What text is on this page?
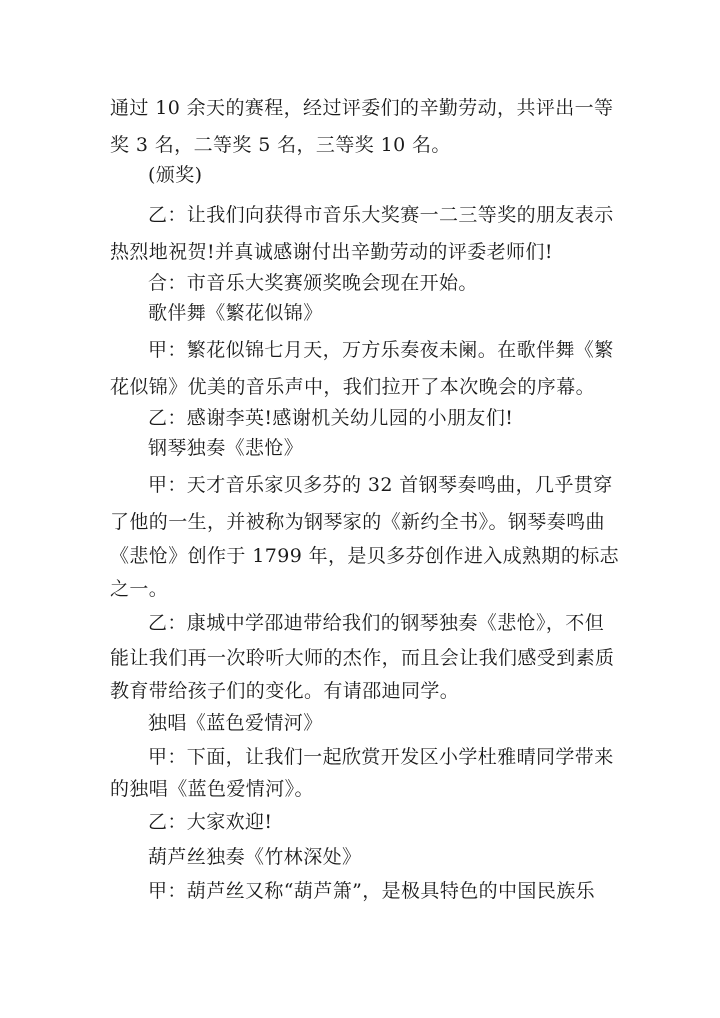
通过 10 余天的赛程，经过评委们的辛勤劳动，共评出一等
奖 3 名，二等奖 5 名，三等奖 10 名。
(颁奖)
乙：让我们向获得市音乐大奖赛一二三等奖的朋友表示
热烈地祝贺!并真诚感谢付出辛勤劳动的评委老师们!
合：市音乐大奖赛颁奖晚会现在开始。
歌伴舞《繁花似锦》
甲：繁花似锦七月天，万方乐奏夜未阑。在歌伴舞《繁
花似锦》优美的音乐声中，我们拉开了本次晚会的序幕。
乙：感谢李英!感谢机关幼儿园的小朋友们!
钢琴独奏《悲怆》
甲：天才音乐家贝多芬的 32 首钢琴奏鸣曲，几乎贯穿
了他的一生，并被称为钢琴家的《新约全书》。钢琴奏鸣曲
《悲怆》创作于 1799 年，是贝多芬创作进入成熟期的标志
之一。
乙：康城中学邵迪带给我们的钢琴独奏《悲怆》，不但
能让我们再一次聆听大师的杰作，而且会让我们感受到素质
教育带给孩子们的变化。有请邵迪同学。
独唱《蓝色爱情河》
甲：下面，让我们一起欣赏开发区小学杜雅晴同学带来
的独唱《蓝色爱情河》。
乙：大家欢迎!
葫芦丝独奏《竹林深处》
甲：葫芦丝又称“葫芦箫”，是极具特色的中国民族乐
